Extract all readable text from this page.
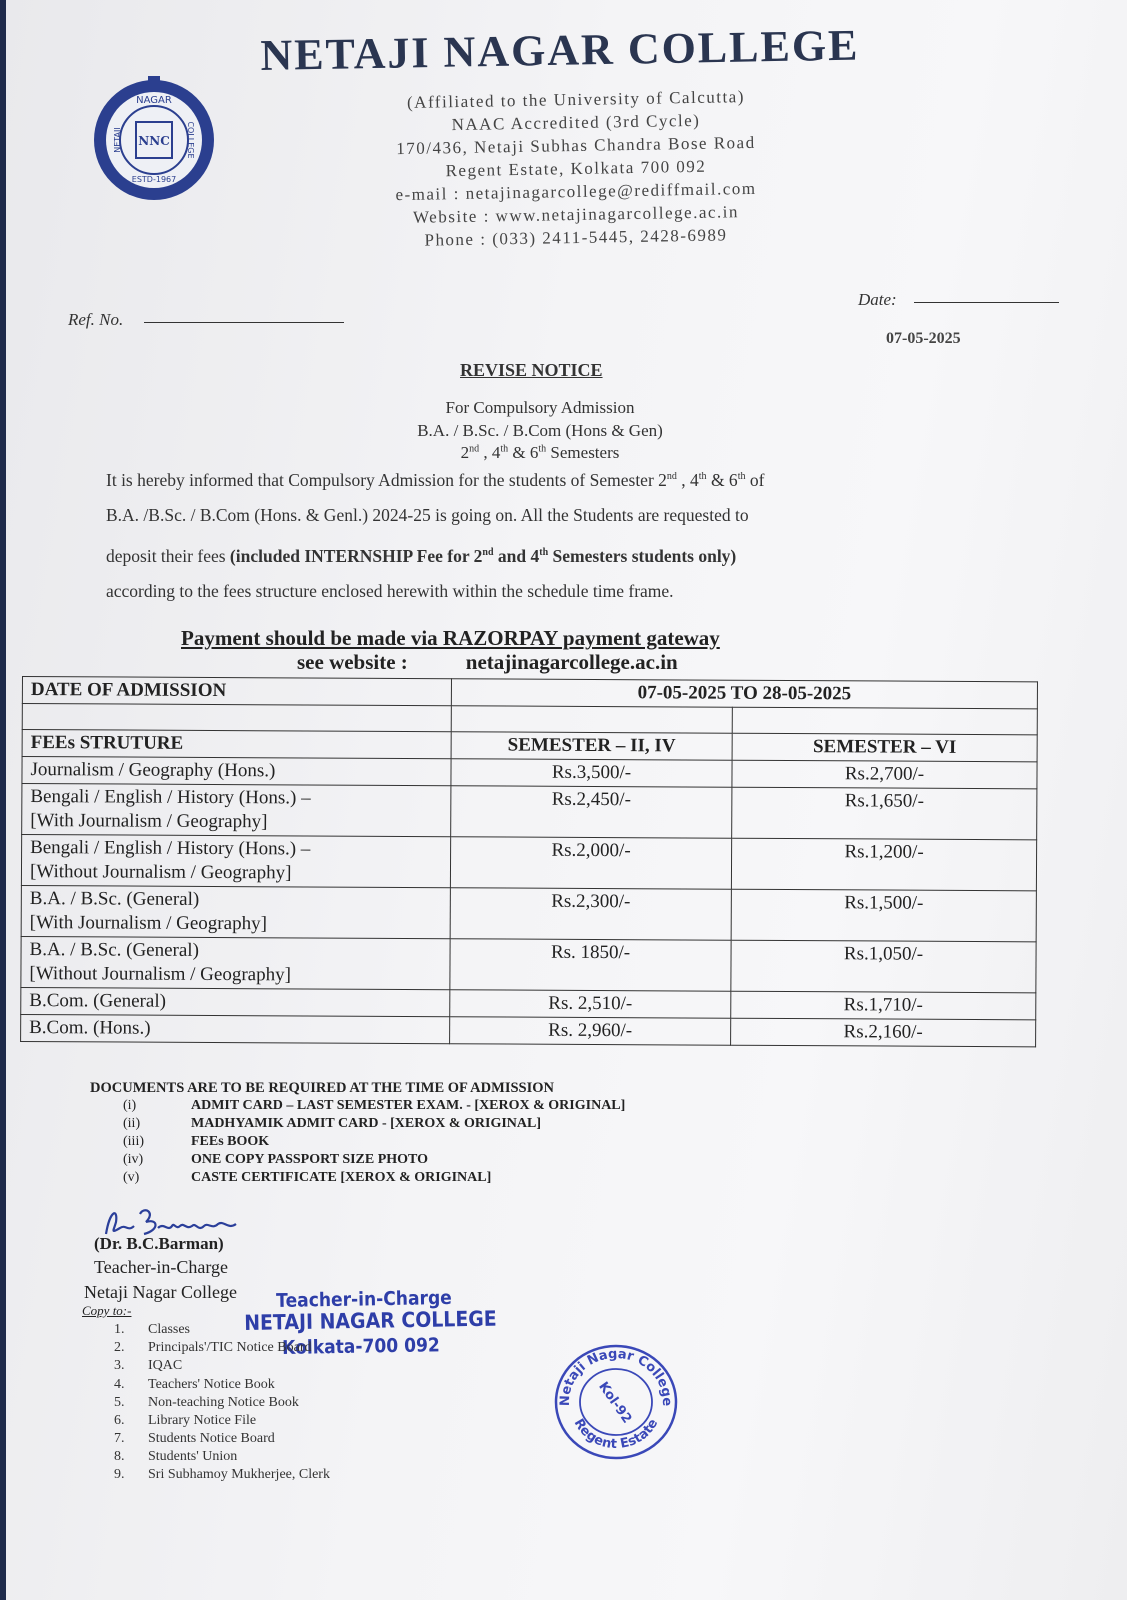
NNC
NAGAR
ESTD-1967
NETAJI	COLLEGE
NETAJI NAGAR COLLEGE
(Affiliated to the University of Calcutta)
NAAC Accredited (3rd Cycle)
170/436, Netaji Subhas Chandra Bose Road
Regent Estate, Kolkata 700 092
e-mail : netajinagarcollege@rediffmail.com
Website : www.netajinagarcollege.ac.in
Phone : (033) 2411-5445, 2428-6989
Ref. No.
Date:
07-05-2025
REVISE NOTICE
For Compulsory Admission
B.A. / B.Sc. / B.Com (Hons & Gen)
2nd , 4th & 6th Semesters
It is hereby informed that Compulsory Admission for the students of Semester 2nd , 4th & 6th of
B.A. /B.Sc. / B.Com (Hons. & Genl.) 2024-25 is going on. All the Students are requested to
deposit their fees (included INTERNSHIP Fee for 2nd and 4th Semesters students only)
according to the fees structure enclosed herewith within the schedule time frame.
Payment should be made via RAZORPAY payment gateway
see website :	netajinagarcollege.ac.in
DATE OF ADMISSION	07-05-2025 TO 28-05-2025	

FEEs STRUTURE	SEMESTER – II, IV	SEMESTER – VI

Journalism / Geography (Hons.)	Rs.3,500/-	Rs.2,700/-

Bengali / English / History (Hons.) –
[With Journalism / Geography]	Rs.2,450/-	Rs.1,650/-

Bengali / English / History (Hons.) –
[Without Journalism / Geography]	Rs.2,000/-	Rs.1,200/-

B.A. / B.Sc. (General)
[With Journalism / Geography]	Rs.2,300/-	Rs.1,500/-

B.A. / B.Sc. (General)
[Without Journalism / Geography]	Rs. 1850/-	Rs.1,050/-

B.Com. (General)	Rs. 2,510/-	Rs.1,710/-

B.Com. (Hons.)	Rs. 2,960/-	Rs.2,160/-
DOCUMENTS ARE TO BE REQUIRED AT THE TIME OF ADMISSION
(i)	ADMIT CARD – LAST SEMESTER EXAM. - [XEROX & ORIGINAL]
(ii)	MADHYAMIK ADMIT CARD - [XEROX & ORIGINAL]
(iii)	FEEs BOOK
(iv)	ONE COPY PASSPORT SIZE PHOTO
(v)	CASTE CERTIFICATE [XEROX & ORIGINAL]
(Dr. B.C.Barman)
Teacher-in-Charge
Netaji Nagar College Teacher-in-Charge
NETAJI NAGAR COLLEGE
Kolkata-700 092
Copy to:-
1. Classes
2. Principals'/TIC Notice Board
3. IQAC
4. Teachers' Notice Book
5. Non-teaching Notice Book
6. Library Notice File
7. Students Notice Board
8. Students' Union
9. Sri Subhamoy Mukherjee, Clerk
Netaji Nagar College
Regent Estate
Kol-92
